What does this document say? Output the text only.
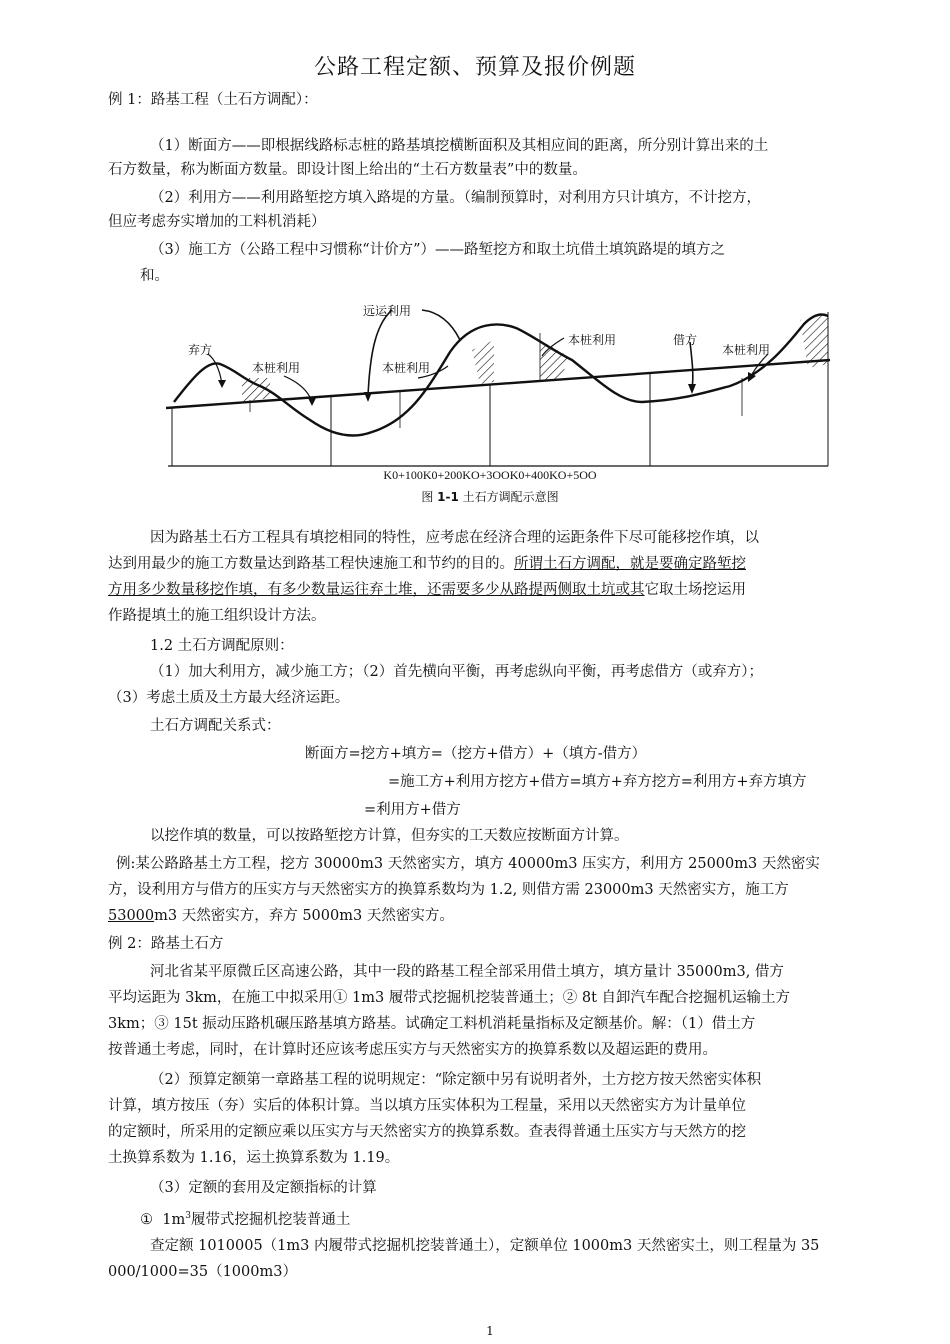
公路工程定额、预算及报价例题
例 1：路基工程（土石方调配）：
（1）断面方——即根据线路标志桩的路基填挖横断面积及其相应间的距离，所分别计算出来的土
石方数量，称为断面方数量。即设计图上给出的“土石方数量表”中的数量。
（2）利用方——利用路堑挖方填入路堤的方量。（编制预算时，对利用方只计填方，不计挖方，
但应考虑夯实增加的工料机消耗）
（3）施工方（公路工程中习惯称“计价方”）——路堑挖方和取土坑借土填筑路堤的填方之
和。
远运利用
弃方
本桩利用	本桩利用
本桩利用	借方
本桩利用
K0+100K0+200KO+3OOK0+400KO+5OO
图 1-1 土石方调配示意图
因为路基土石方工程具有填挖相同的特性，应考虑在经济合理的运距条件下尽可能移挖作填，以
达到用最少的施工方数量达到路基工程快速施工和节约的目的。所谓土石方调配，就是要确定路堑挖
方用多少数量移挖作填，有多少数量运往弃土堆，还需要多少从路提两侧取土坑或其它取土场挖运用
作路提填土的施工组织设计方法。
1.2 土石方调配原则：
（1）加大利用方，减少施工方；（2）首先横向平衡，再考虑纵向平衡，再考虑借方（或弃方）；
（3）考虑土质及土方最大经济运距。
土石方调配关系式：
断面方=挖方+填方=（挖方+借方）+（填方-借方）
=施工方+利用方挖方+借方=填方+弃方挖方=利用方+弃方填方
=利用方+借方
以挖作填的数量，可以按路堑挖方计算，但夯实的工天数应按断面方计算。
例:某公路路基土方工程，挖方 30000m3 天然密实方，填方 40000m3 压实方，利用方 25000m3 天然密实
方，设利用方与借方的压实方与天然密实方的换算系数均为 1.2, 则借方需 23000m3 天然密实方，施工方
53000m3 天然密实方，弃方 5000m3 天然密实方。
例 2：路基土石方
河北省某平原微丘区高速公路，其中一段的路基工程全部采用借土填方，填方量计 35000m3, 借方
平均运距为 3km，在施工中拟采用① 1m3 履带式挖掘机挖装普通土；② 8t 自卸汽车配合挖掘机运输土方
3km；③ 15t 振动压路机碾压路基填方路基。试确定工料机消耗量指标及定额基价。解：（1）借土方
按普通土考虑，同时，在计算时还应该考虑压实方与天然密实方的换算系数以及超运距的费用。
（2）预算定额第一章路基工程的说明规定：“除定额中另有说明者外，土方挖方按天然密实体积
计算，填方按压（夯）实后的体积计算。当以填方压实体积为工程量，采用以天然密实方为计量单位
的定额时，所采用的定额应乘以压实方与天然密实方的换算系数。查表得普通土压实方与天然方的挖
土换算系数为 1.16，运土换算系数为 1.19。
（3）定额的套用及定额指标的计算
① $1m^3$履带式挖掘机挖装普通土
查定额 1010005（1m3 内履带式挖掘机挖装普通土），定额单位 1000m3 天然密实土，则工程量为 35
000/1000=35（1000m3）
1
